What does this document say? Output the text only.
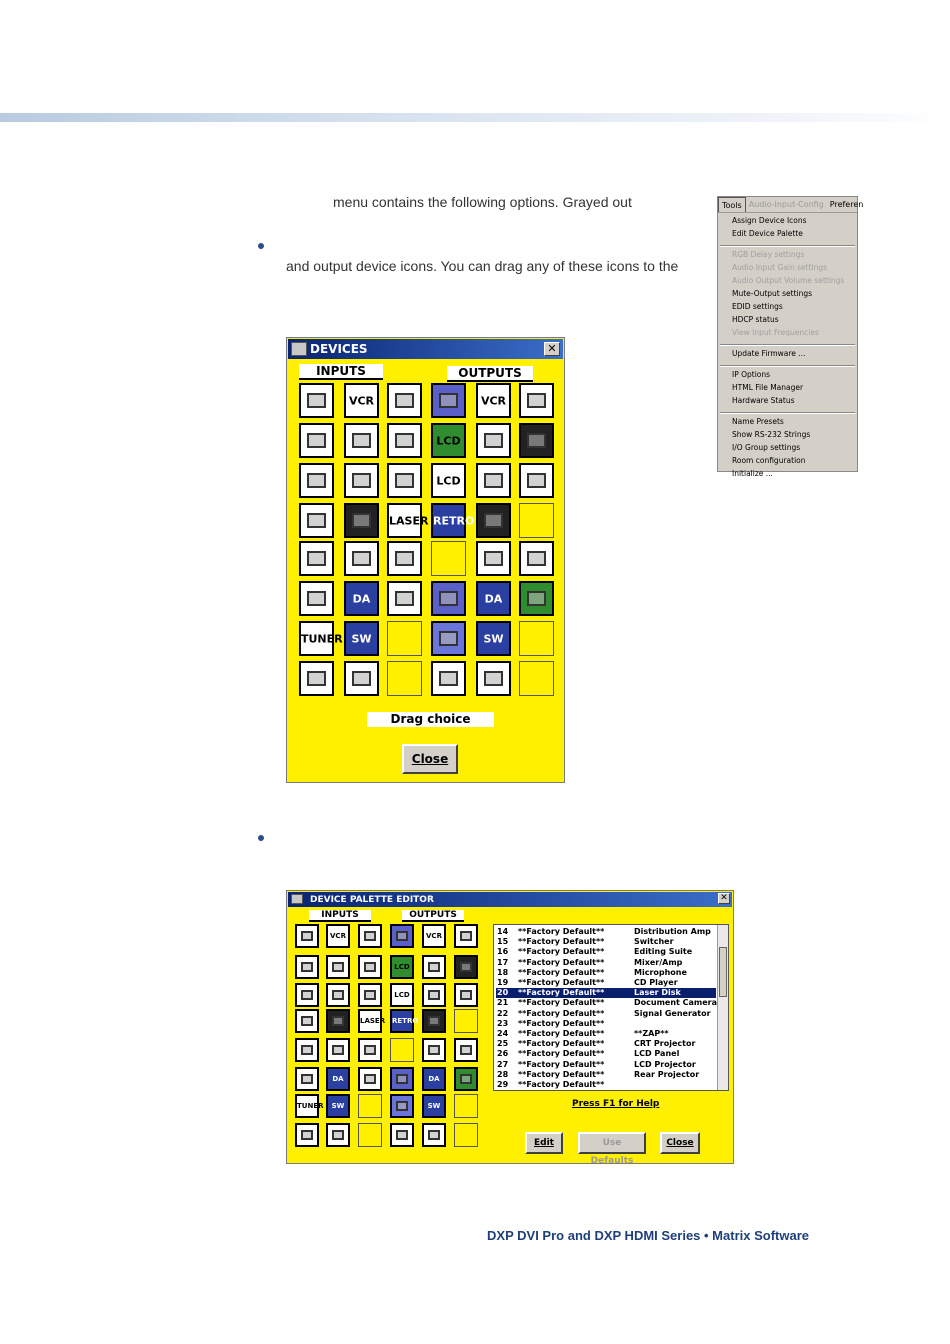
menu contains the following options. Grayed out
and output device icons. You can drag any of these icons to the
Tools Audio-Input-Config Preferen
Assign Device Icons
Edit Device Palette
RGB Delay settings
Audio Input Gain settings
Audio Output Volume settings
Mute-Output settings
EDID settings
HDCP status
View Input Frequencies
Update Firmware ...
IP Options
HTML File Manager
Hardware Status
Name Presets
Show RS-232 Strings
I/O Group settings
Room configuration
Initialize ...
DEVICES	✕
INPUTS	OUTPUTS
VCR	VCR
LCD
LCD
LASER RETRO
DA	DA
TUNER SW	SW
Drag choice
Close
DEVICE PALETTE EDITOR	✕
INPUTS	OUTPUTS
VCR	VCR
LCD
LCD
LASER RETRO
DA	DA
TUNER	SW	SW
14 **Factory Default**	Distribution Amp
15 **Factory Default**	Switcher
16 **Factory Default**	Editing Suite
17 **Factory Default**	Mixer/Amp
18 **Factory Default**	Microphone
19 **Factory Default**	CD Player
20 **Factory Default**	Laser Disk
21 **Factory Default**	Document Camera
22 **Factory Default**	Signal Generator
23 **Factory Default**
24 **Factory Default**	**ZAP**
25 **Factory Default**	CRT Projector
26 **Factory Default**	LCD Panel
27 **Factory Default**	LCD Projector
28 **Factory Default**	Rear Projector
29 **Factory Default**
Press F1 for Help
Edit	Use Defaults
Close
DXP DVI Pro and DXP HDMI Series • Matrix Software
